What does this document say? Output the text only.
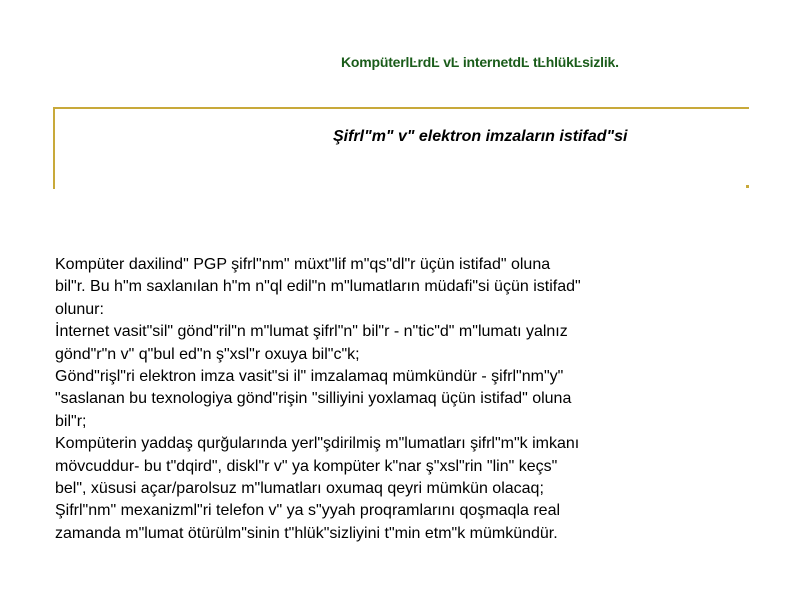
KompüterlĿrdĿ vĿ internetdĿ tĿhlükĿsizlik.
Şifrl"m" v" elektron imzaların istifad"si

Kompüter daxilind" PGP şifrl"nm" müxt"lif m"qs"dl"r üçün istifad" oluna

bil"r. Bu h"m saxlanılan h"m n"ql edil"n m"lumatların müdafi"si üçün istifad"

olunur:

İnternet vasit"sil" gönd"ril"n m"lumat şifrl"n" bil"r - n"tic"d" m"lumatı yalnız

gönd"r"n v" q"bul ed"n ş"xsl"r oxuya bil"c"k;

Gönd"rişl"ri elektron imza vasit"si il" imzalamaq mümkündür - şifrl"nm"y"

"saslanan bu texnologiya gönd"rişin "silliyini yoxlamaq üçün istifad" oluna

bil"r;

Kompüterin yaddaş qurğularında yerl"şdirilmiş m"lumatları şifrl"m"k imkanı

mövcuddur- bu t"dqird", diskl"r v" ya kompüter k"nar ş"xsl"rin "lin" keçs"

bel", xüsusi açar/parolsuz m"lumatları oxumaq qeyri mümkün olacaq;

Şifrl"nm" mexanizml"ri telefon v" ya s"yyah proqramlarını qoşmaqla real

zamanda m"lumat ötürülm"sinin t"hlük"sizliyini t"min etm"k mümkündür.
